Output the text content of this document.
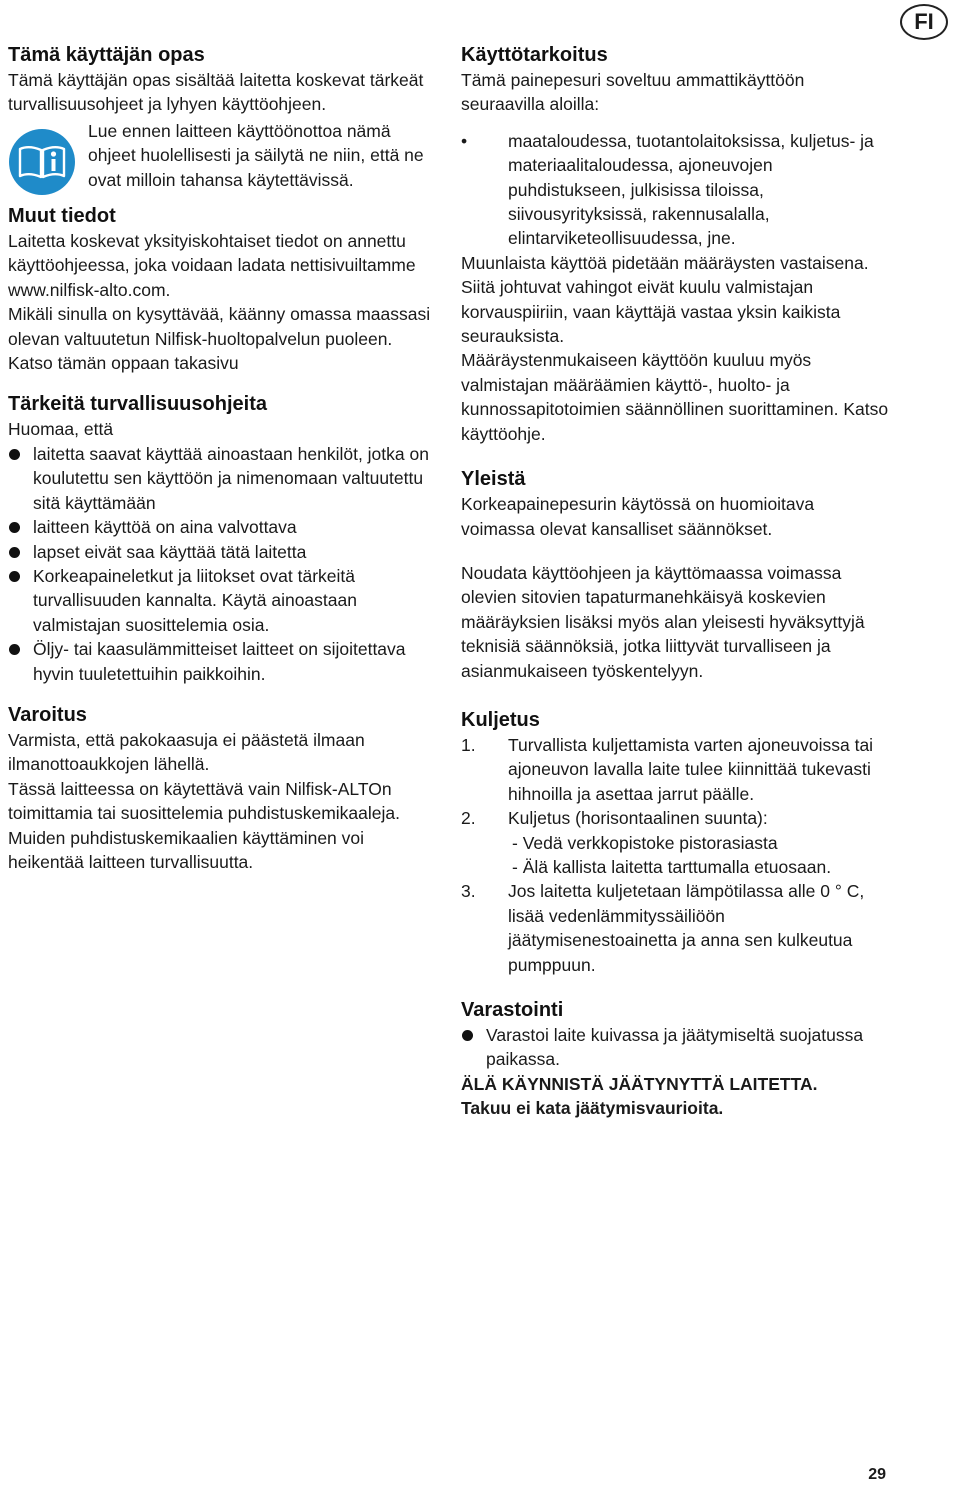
FI
Tämä käyttäjän opas

Tämä käyttäjän opas sisältää laitetta koskevat tärkeät turvallisuusohjeet ja lyhyen käyttöohjeen.

Lue ennen laitteen käyttöönottoa nämä ohjeet huolellisesti ja säilytä ne niin, että ne ovat milloin tahansa käytettävissä.

Muut tiedot

Laitetta koskevat yksityiskohtaiset tiedot on annettu käyttöohjeessa, joka voidaan ladata nettisivuiltamme www.nilfisk-alto.com.

Mikäli sinulla on kysyttävää, käänny omassa maassasi olevan valtuutetun Nilfisk-huoltopalvelun puoleen.

Katso tämän oppaan takasivu

Tärkeitä turvallisuusohjeita

Huomaa, että

laitetta saavat käyttää ainoastaan henkilöt, jotka on koulutettu sen käyttöön ja nimenomaan valtuutettu sitä käyttämään
laitteen käyttöä on aina valvottava
lapset eivät saa käyttää tätä laitetta
Korkeapaineletkut ja liitokset ovat tärkeitä turvallisuuden kannalta. Käytä ainoastaan valmistajan suosittelemia osia.
Öljy- tai kaasulämmitteiset laitteet on sijoitettava hyvin tuuletettuihin paikkoihin.
Varoitus

Varmista, että pakokaasuja ei päästetä ilmaan ilmanottoaukkojen lähellä.

Tässä laitteessa on käytettävä vain Nilfisk-ALTOn toimittamia tai suosittelemia puhdistuskemikaaleja. Muiden puhdistuskemikaalien käyttäminen voi heikentää laitteen turvallisuutta.

Käyttötarkoitus

Tämä painepesuri soveltuu ammattikäyttöön seuraavilla aloilla:

• maataloudessa, tuotantolaitoksissa, kuljetus- ja materiaalitaloudessa, ajoneuvojen puhdistukseen, julkisissa tiloissa, siivousyrityksissä, rakennusalalla, elintarviketeollisuudessa, jne.

Muunlaista käyttöä pidetään määräysten vastaisena. Siitä johtuvat vahingot eivät kuulu valmistajan korvauspiiriin, vaan käyttäjä vastaa yksin kaikista seurauksista.

Määräystenmukaiseen käyttöön kuuluu myös valmistajan määräämien käyttö-, huolto- ja kunnossapitotoimien säännöllinen suorittaminen. Katso käyttöohje.

Yleistä

Korkeapainepesurin käytössä on huomioitava voimassa olevat kansalliset säännökset.

Noudata käyttöohjeen ja käyttömaassa voimassa olevien sitovien tapaturmanehkäisyä koskevien määräyksien lisäksi myös alan yleisesti hyväksyttyjä teknisiä säännöksiä, jotka liittyvät turvalliseen ja asianmukaiseen työskentelyyn.

Kuljetus
1. Turvallista kuljettamista varten ajoneuvoissa tai ajoneuvon lavalla laite tulee kiinnittää tukevasti hihnoilla ja asettaa jarrut päälle.
2. Kuljetus (horisontaalinen suunta):
- Vedä verkkopistoke pistorasiasta
- Älä kallista laitetta tarttumalla etuosaan.
3. Jos laitetta kuljetetaan lämpötilassa alle 0 ° C, lisää vedenlämmityssäiliöön jäätymisenestoainetta ja anna sen kulkeutua pumppuun.
Varastointi
Varastoi laite kuivassa ja jäätymiseltä suojatussa paikassa.

ÄLÄ KÄYNNISTÄ JÄÄTYNYTTÄ LAITETTA.

Takuu ei kata jäätymisvaurioita.

29
